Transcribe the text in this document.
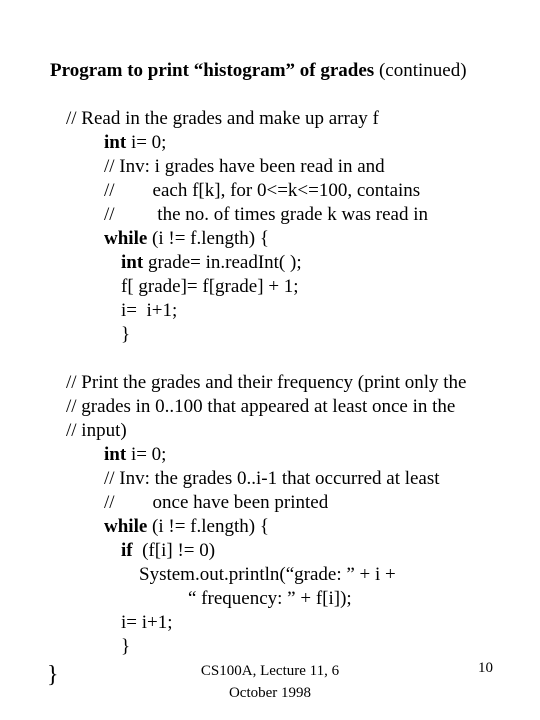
Program to print “histogram” of grades (continued)
// Read in the grades and make up array f
int i= 0;
// Inv: i grades have been read in and
//        each f[k], for 0<=k<=100, contains
//         the no. of times grade k was read in
while (i != f.length) {
int grade= in.readInt( );
f[ grade]= f[grade] + 1;
i=  i+1;
}
// Print the grades and their frequency (print only the
// grades in 0..100 that appeared at least once in the
// input)
int i= 0;
// Inv: the grades 0..i-1 that occurred at least
//        once have been printed
while (i != f.length) {
if  (f[i] != 0)
System.out.println(“grade: ” + i +
“ frequency: ” + f[i]);
i= i+1;
}
}	CS100A, Lecture 11, 6
October 1998
10
